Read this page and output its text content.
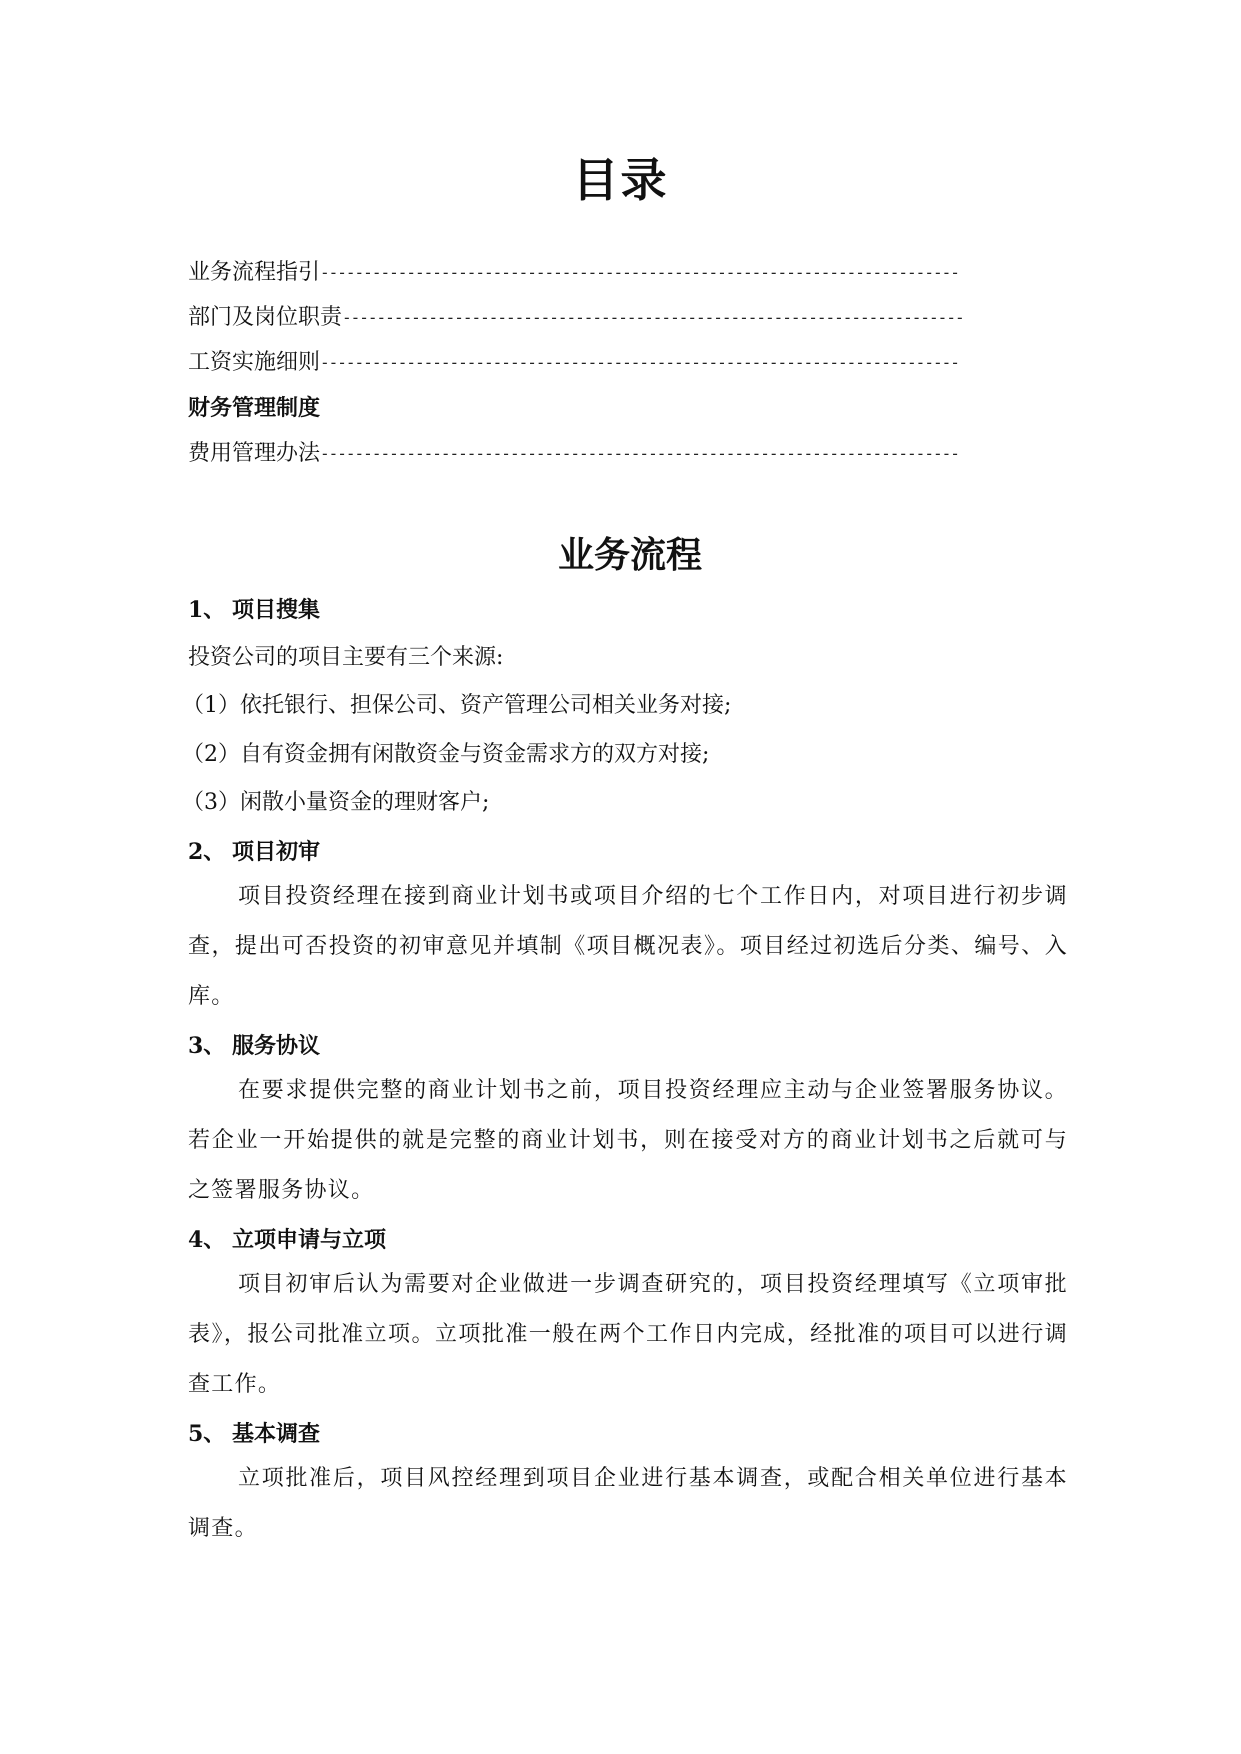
目录
业务流程指引 --------------------------------------------------------------------------
部门及岗位职责 ------------------------------------------------------------------------
工资实施细则 --------------------------------------------------------------------------
财务管理制度
费用管理办法 --------------------------------------------------------------------------
业务流程
1、 项目搜集
投资公司的项目主要有三个来源:
（1）依托银行、担保公司、资产管理公司相关业务对接;
（2）自有资金拥有闲散资金与资金需求方的双方对接;
（3）闲散小量资金的理财客户;
2、 项目初审
项目投资经理在接到商业计划书或项目介绍的七个工作日内，对项目进行初步调查，提出可否投资的初审意见并填制《项目概况表》。项目经过初选后分类、编号、入库。
3、 服务协议
在要求提供完整的商业计划书之前，项目投资经理应主动与企业签署服务协议。若企业一开始提供的就是完整的商业计划书，则在接受对方的商业计划书之后就可与之签署服务协议。
4、 立项申请与立项
项目初审后认为需要对企业做进一步调查研究的，项目投资经理填写《立项审批表》，报公司批准立项。立项批准一般在两个工作日内完成，经批准的项目可以进行调查工作。
5、 基本调查
立项批准后，项目风控经理到项目企业进行基本调查，或配合相关单位进行基本调查。
